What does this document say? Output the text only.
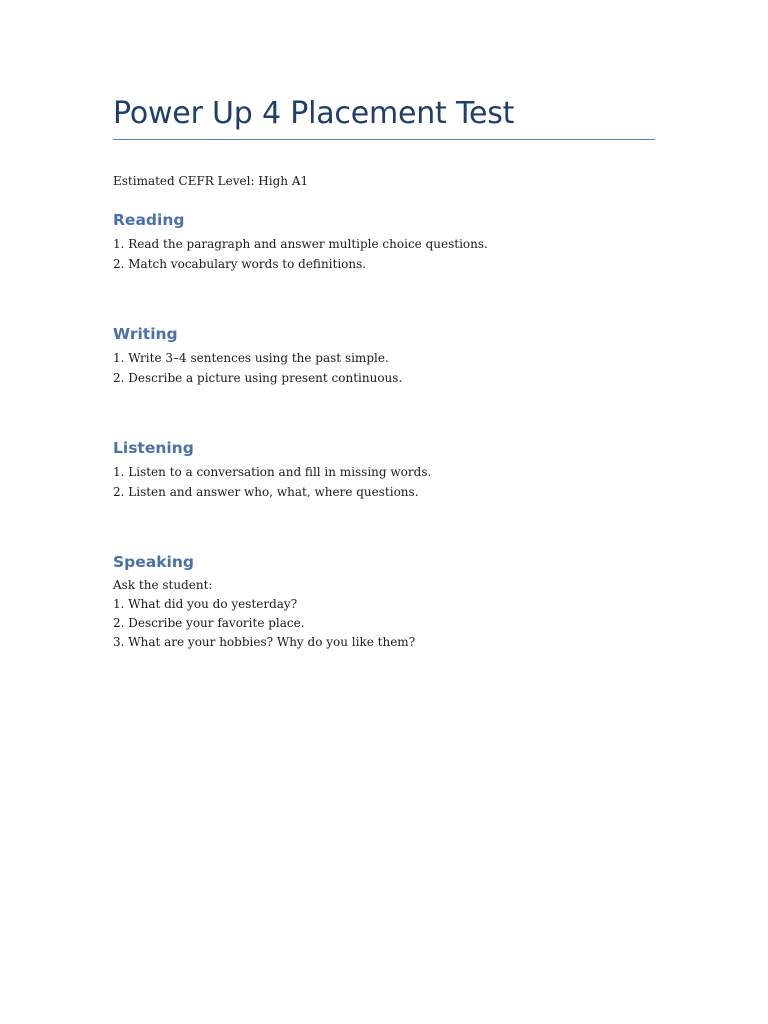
Power Up 4 Placement Test

Estimated CEFR Level: High A1

Reading

1. Read the paragraph and answer multiple choice questions.

2. Match vocabulary words to definitions.

Writing

1. Write 3–4 sentences using the past simple.

2. Describe a picture using present continuous.

Listening

1. Listen to a conversation and fill in missing words.

2. Listen and answer who, what, where questions.

Speaking

Ask the student:

1. What did you do yesterday?

2. Describe your favorite place.

3. What are your hobbies? Why do you like them?
